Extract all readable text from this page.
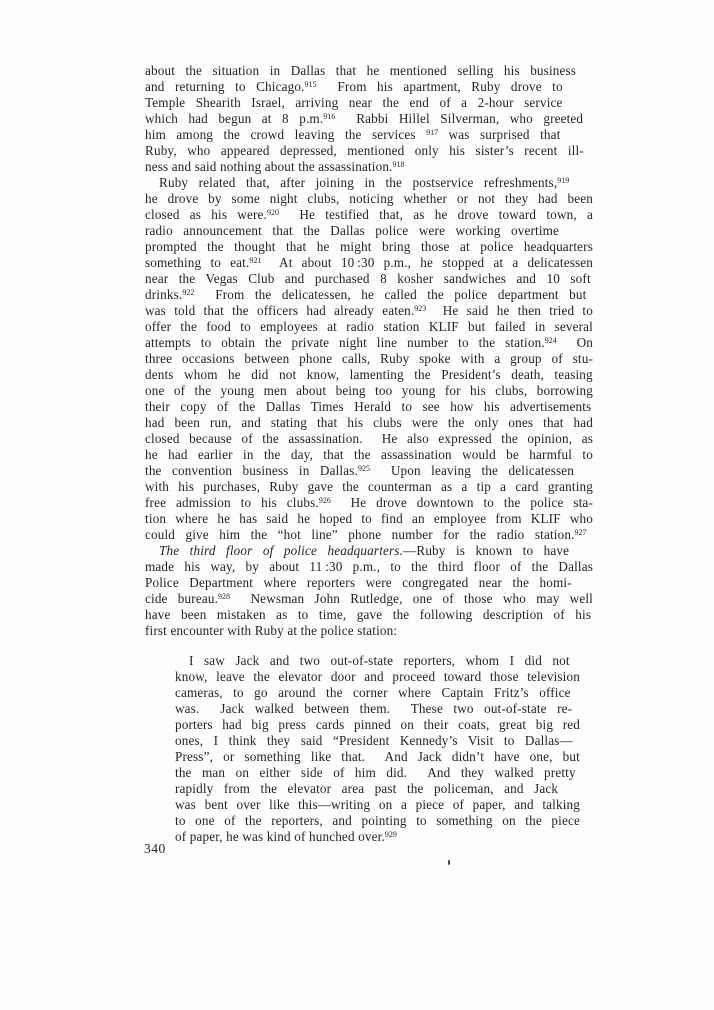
about the situation in Dallas that he mentioned selling his business
and returning to Chicago.$^{915}$  From his apartment, Ruby drove to
Temple Shearith Israel, arriving near the end of a 2-hour service
which had begun at 8 p.m.$^{916}$  Rabbi Hillel Silverman, who greeted
him among the crowd leaving the services $^{917}$ was surprised that
Ruby, who appeared depressed, mentioned only his sister’s recent ill-
ness and said nothing about the assassination.$^{918}$
Ruby related that, after joining in the postservice refreshments,$^{919}$
he drove by some night clubs, noticing whether or not they had been
closed as his were.$^{920}$  He testified that, as he drove toward town, a
radio announcement that the Dallas police were working overtime
prompted the thought that he might bring those at police headquarters
something to eat.$^{921}$  At about 10 :30 p.m., he stopped at a delicatessen
near the Vegas Club and purchased 8 kosher sandwiches and 10 soft
drinks.$^{922}$  From the delicatessen, he called the police department but
was told that the officers had already eaten.$^{923}$  He said he then tried to
offer the food to employees at radio station KLIF but failed in several
attempts to obtain the private night line number to the station.$^{924}$  On
three occasions between phone calls, Ruby spoke with a group of stu-
dents whom he did not know, lamenting the President’s death, teasing
one of the young men about being too young for his clubs, borrowing
their copy of the Dallas Times Herald to see how his advertisements
had been run, and stating that his clubs were the only ones that had
closed because of the assassination.  He also expressed the opinion, as
he had earlier in the day, that the assassination would be harmful to
the convention business in Dallas.$^{925}$  Upon leaving the delicatessen
with his purchases, Ruby gave the counterman as a tip a card granting
free admission to his clubs.$^{926}$  He drove downtown to the police sta-
tion where he has said he hoped to find an employee from KLIF who
could give him the “hot line” phone number for the radio station.$^{927}$
The third floor of police headquarters.—Ruby is known to have
made his way, by about 11 :30 p.m., to the third floor of the Dallas
Police Department where reporters were congregated near the homi-
cide bureau.$^{928}$  Newsman John Rutledge, one of those who may well
have been mistaken as to time, gave the following description of his
first encounter with Ruby at the police station:
I saw Jack and two out-of-state reporters, whom I did not
know, leave the elevator door and proceed toward those television
cameras, to go around the corner where Captain Fritz’s office
was.  Jack walked between them.  These two out-of-state re-
porters had big press cards pinned on their coats, great big red
ones, I think they said “President Kennedy’s Visit to Dallas—
Press”, or something like that.  And Jack didn’t have one, but
the man on either side of him did.  And they walked pretty
rapidly from the elevator area past the policeman, and Jack
was bent over like this—writing on a piece of paper, and talking
to one of the reporters, and pointing to something on the piece
of paper, he was kind of hunched over.$^{929}$
340
